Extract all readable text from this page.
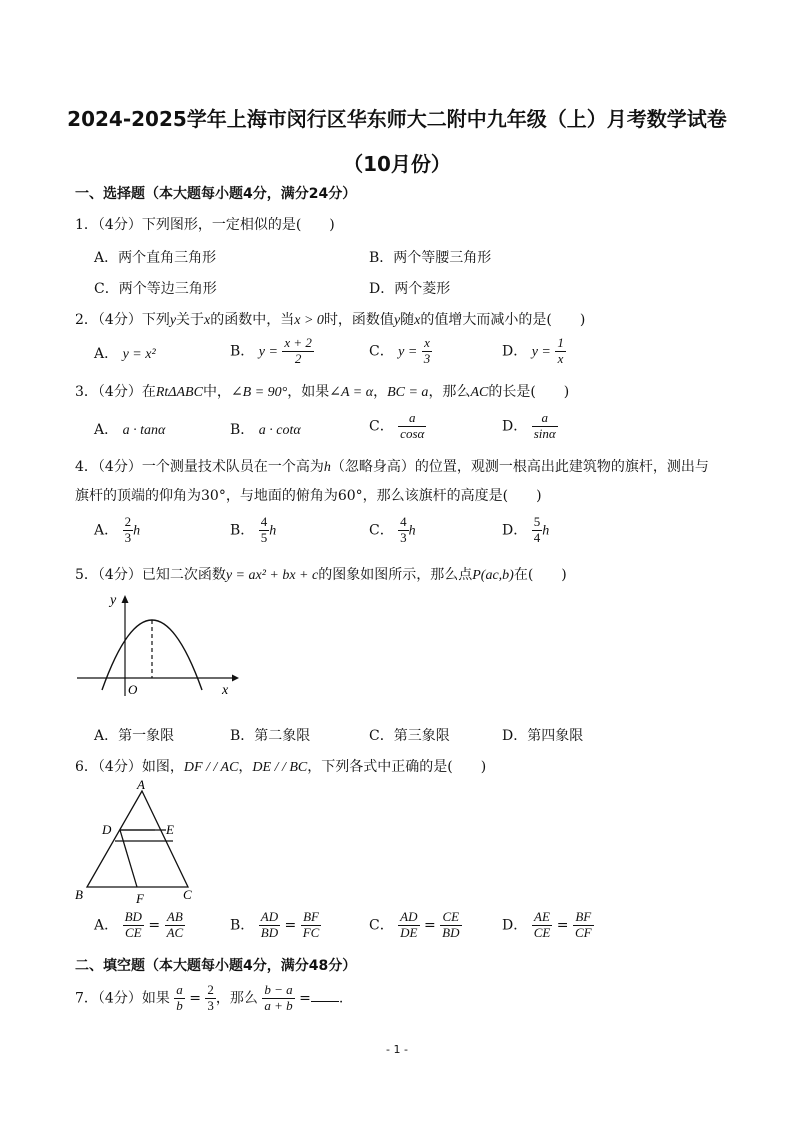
2024-2025学年上海市闵行区华东师大二附中九年级（上）月考数学试卷
（10月份）
一、选择题（本大题每小题4分，满分24分）
1．（4分）下列图形，一定相似的是(　　)
A．两个直角三角形	B．两个等腰三角形
C．两个等边三角形	D．两个菱形
2．（4分）下列y关于x的函数中，当x > 0时，函数值y随x的值增大而减小的是(　　)
A． y = x²	B． $y = \frac{x + 2}{2}$	C． $y = \frac{x}{3}$	D． $y = \frac{1}{x}$
3．（4分）在RtΔABC中，∠B = 90°，如果∠A = α，BC = a，那么AC的长是(　　)
A． a · tanα	B． a · cotα	C． $\frac{a}{\cos\alpha}$	D． $\frac{a}{\sin\alpha}$
4．（4分）一个测量技术队员在一个高为h（忽略身高）的位置，观测一根高出此建筑物的旗杆，测出与
旗杆的顶端的仰角为30°，与地面的俯角为60°，那么该旗杆的高度是(　　)
A． $\frac{2}{3}$ h	B． $\frac{4}{5}$ h	C． $\frac{4}{3}$ h	D． $\frac{5}{4}$ h
5．（4分）已知二次函数y = ax² + bx + c的图象如图所示，那么点P(ac,b)在(　　)
y
x
O
A．第一象限	B．第二象限	C．第三象限	D．第四象限
6．（4分）如图，DF / / AC，DE / / BC，下列各式中正确的是(　　)
A
B	C
D	E
F
A． $\frac{BD}{CE} = \frac{AB}{AC}$	B． $\frac{AD}{BD} = \frac{BF}{FC}$	C． $\frac{AD}{DE} = \frac{CE}{BD}$	D． $\frac{AE}{CE} = \frac{BF}{CF}$
二、填空题（本大题每小题4分，满分48分）
7．（4分）如果 $\frac{a}{b} = \frac{2}{3}$ ，那么 $\frac{b - a}{a + b}$ = .
- 1 -
